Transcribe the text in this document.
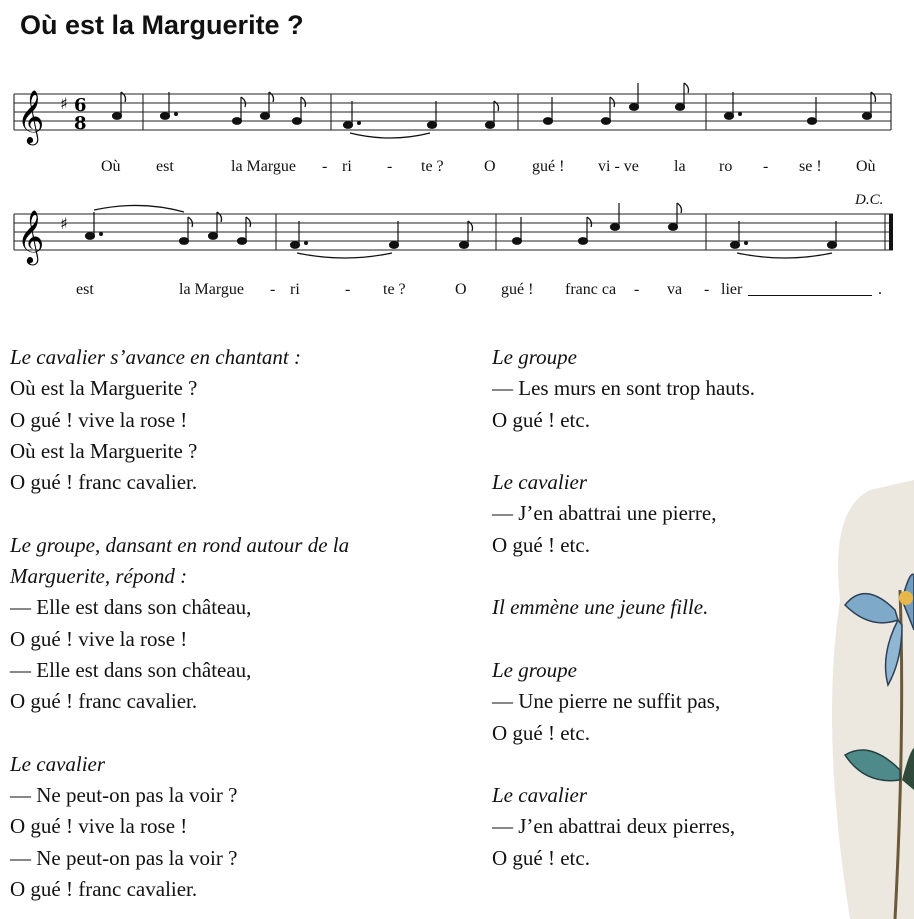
Où est la Marguerite ?
𝄞 ♯ 6
8
Où est	la Margue - ri - te ?	O gué ! vi - ve la ro - se ! Où
D.C.
𝄞 ♯
est	la Margue - ri	- te ?	O gué ! franc ca - va - lier	.
Le cavalier s’avance en chantant :
Où est la Marguerite ?
O gué ! vive la rose !
Où est la Marguerite ?
O gué ! franc cavalier.
Le groupe, dansant en rond autour de la
Marguerite, répond :
— Elle est dans son château,
O gué ! vive la rose !
— Elle est dans son château,
O gué ! franc cavalier.
Le cavalier
— Ne peut-on pas la voir ?
O gué ! vive la rose !
— Ne peut-on pas la voir ?
O gué ! franc cavalier.
Le groupe
— Les murs en sont trop hauts.
O gué ! etc.
Le cavalier
— J’en abattrai une pierre,
O gué ! etc.
Il emmène une jeune fille.
Le groupe
— Une pierre ne suffit pas,
O gué ! etc.
Le cavalier
— J’en abattrai deux pierres,
O gué ! etc.
